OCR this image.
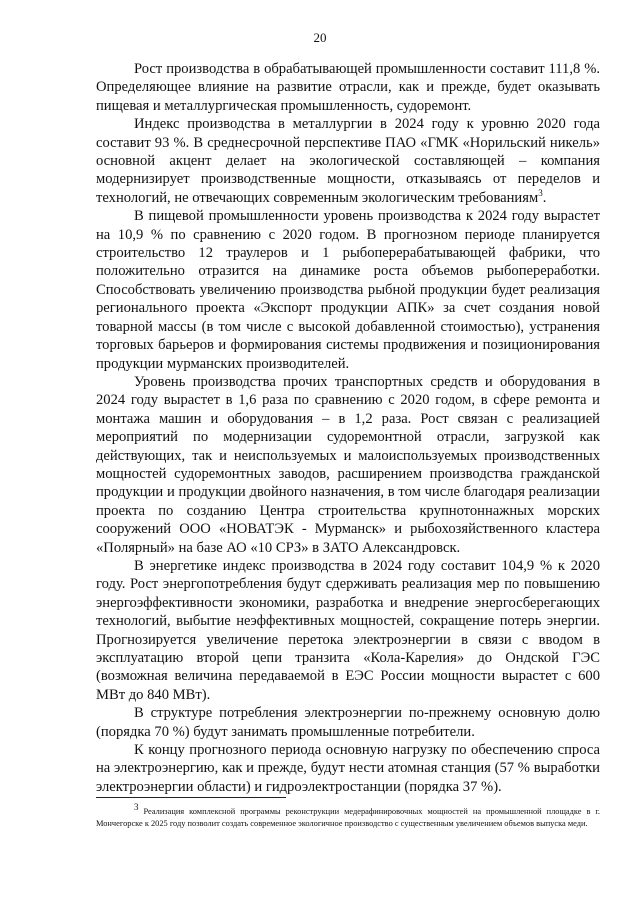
20

Рост производства в обрабатывающей промышленности составит 111,8 %. Определяющее влияние на развитие отрасли, как и прежде, будет оказывать пищевая и металлургическая промышленность, судоремонт.

Индекс производства в металлургии в 2024 году к уровню 2020 года составит 93 %. В среднесрочной перспективе ПАО «ГМК «Норильский никель» основной акцент делает на экологической составляющей – компания модернизирует производственные мощности, отказываясь от переделов и технологий, не отвечающих современным экологическим требованиям$^3$.

В пищевой промышленности уровень производства к 2024 году вырастет на 10,9 % по сравнению с 2020 годом. В прогнозном периоде планируется строительство 12 траулеров и 1 рыбоперерабатывающей фабрики, что положительно отразится на динамике роста объемов рыбопереработки. Способствовать увеличению производства рыбной продукции будет реализация регионального проекта «Экспорт продукции АПК» за счет создания новой товарной массы (в том числе с высокой добавленной стоимостью), устранения торговых барьеров и формирования системы продвижения и позиционирования продукции мурманских производителей.

Уровень производства прочих транспортных средств и оборудования в 2024 году вырастет в 1,6 раза по сравнению с 2020 годом, в сфере ремонта и монтажа машин и оборудования – в 1,2 раза. Рост связан с реализацией мероприятий по модернизации судоремонтной отрасли, загрузкой как действующих, так и неиспользуемых и малоиспользуемых производственных мощностей судоремонтных заводов, расширением производства гражданской продукции и продукции двойного назначения, в том числе благодаря реализации проекта по созданию Центра строительства крупнотоннажных морских сооружений ООО «НОВАТЭК - Мурманск» и рыбохозяйственного кластера «Полярный» на базе АО «10 СРЗ» в ЗАТО Александровск.

В энергетике индекс производства в 2024 году составит 104,9 % к 2020 году. Рост энергопотребления будут сдерживать реализация мер по повышению энергоэффективности экономики, разработка и внедрение энергосберегающих технологий, выбытие неэффективных мощностей, сокращение потерь энергии. Прогнозируется увеличение перетока электроэнергии в связи с вводом в эксплуатацию второй цепи транзита «Кола-Карелия» до Ондской ГЭС (возможная величина передаваемой в ЕЭС России мощности вырастет с 600 МВт до 840 МВт).

В структуре потребления электроэнергии по-прежнему основную долю (порядка 70 %) будут занимать промышленные потребители.

К концу прогнозного периода основную нагрузку по обеспечению спроса на электроэнергию, как и прежде, будут нести атомная станция (57 % выработки электроэнергии области) и гидроэлектростанции (порядка 37 %).

$^3$ Реализация комплексной программы реконструкции медерафинировочных мощностей на промышленной площадке в г. Мончегорске к 2025 году позволит создать современное экологичное производство с существенным увеличением объемов выпуска меди.
